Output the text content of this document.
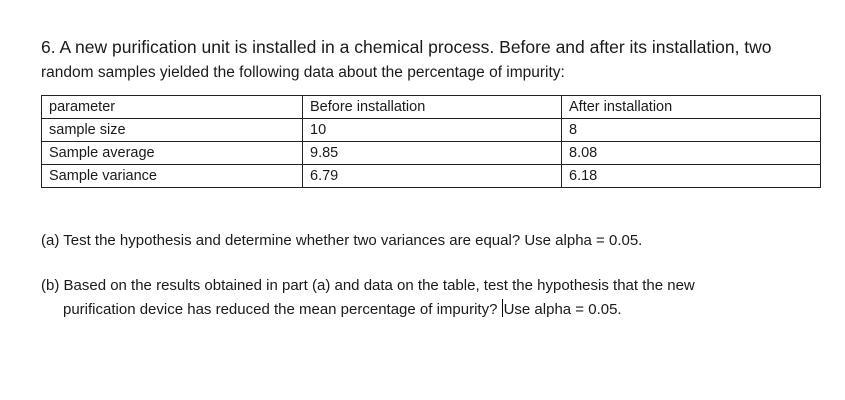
6. A new purification unit is installed in a chemical process. Before and after its installation, two
random samples yielded the following data about the percentage of impurity:
parameter	Before installation	After installation
sample size	10	8
Sample average	9.85	8.08
Sample variance	6.79	6.18
(a) Test the hypothesis and determine whether two variances are equal? Use alpha = 0.05.
(b) Based on the results obtained in part (a) and data on the table, test the hypothesis that the new
purification device has reduced the mean percentage of impurity? Use alpha = 0.05.
